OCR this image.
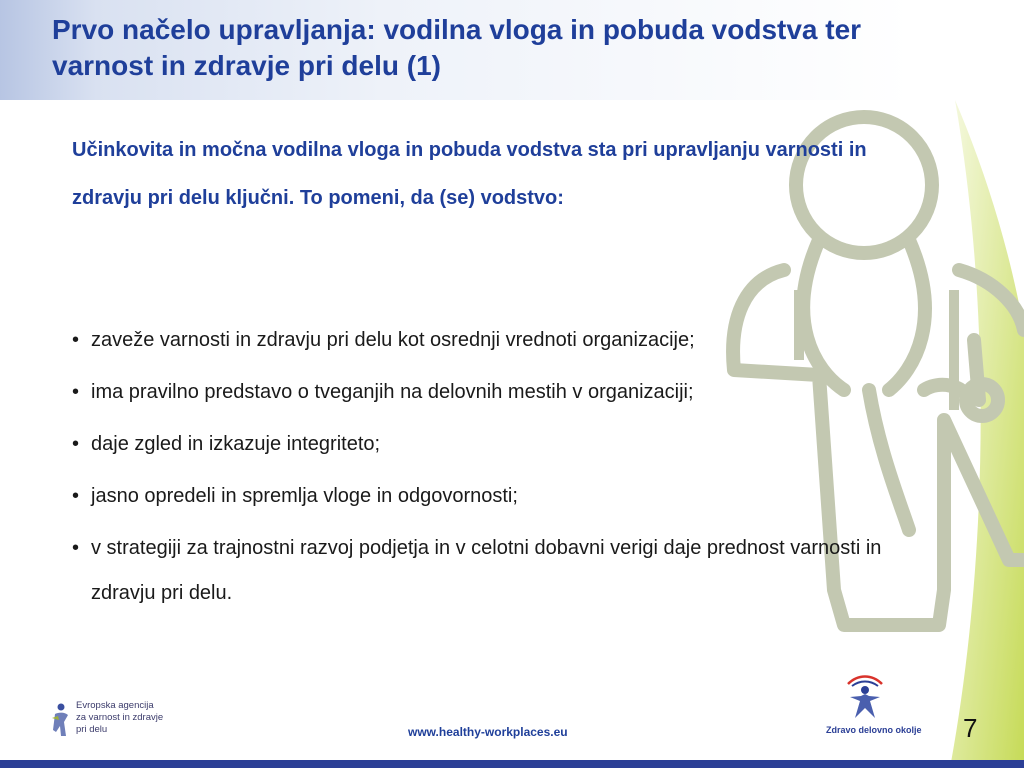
Prvo načelo upravljanja: vodilna vloga in pobuda vodstva ter varnost in zdravje pri delu (1)

Učinkovita in močna vodilna vloga in pobuda vodstva sta pri upravljanju varnosti in zdravju pri delu ključni. To pomeni, da (se) vodstvo:

• zaveže varnosti in zdravju pri delu kot osrednji vrednoti organizacije;
• ima pravilno predstavo o tveganjih na delovnih mestih v organizaciji;
• daje zgled in izkazuje integriteto;
• jasno opredeli in spremlja vloge in odgovornosti;
• v strategiji za trajnostni razvoj podjetja in v celotni dobavni verigi daje prednost varnosti in zdravju pri delu.
Evropska agencija
za varnost in zdravje
pri delu	www.healthy-workplaces.eu	Zdravo delovno okolje 7
